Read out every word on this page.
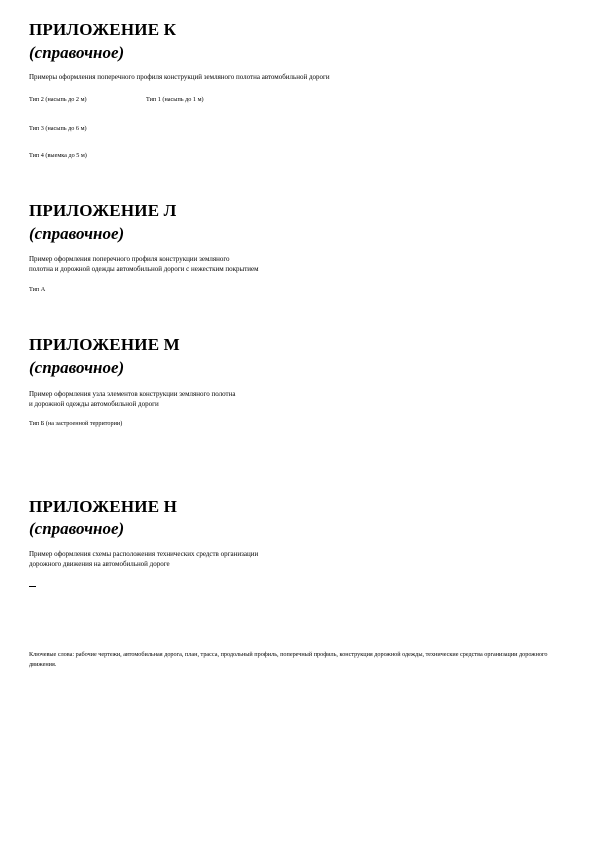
ПРИЛОЖЕНИЕ К
(справочное)
Примеры оформления поперечного профиля конструкций земляного полотна автомобильной дороги
Тип 2 (насыпь до 2 м)	Тип 1 (насыпь до 1 м)
Тип 3 (насыпь до 6 м)
Тип 4 (выемка до 5 м)
ПРИЛОЖЕНИЕ Л
(справочное)
Пример оформления поперечного профиля конструкции земляного
полотна и дорожной одежды автомобильной дороги с нежестким покрытием
Тип А
ПРИЛОЖЕНИЕ М
(справочное)
Пример оформления узла элементов конструкции земляного полотна
и дорожной одежды автомобильной дороги
Тип Б (на застроенной территории)
ПРИЛОЖЕНИЕ Н
(справочное)
Пример оформления схемы расположения технических средств организации
дорожного движения на автомобильной дороге
Ключевые слова: рабочие чертежи, автомобильная дорога, план, трасса, продольный профиль, поперечный профиль, конструкция дорожной одежды, технические средства организации дорожного движения.
